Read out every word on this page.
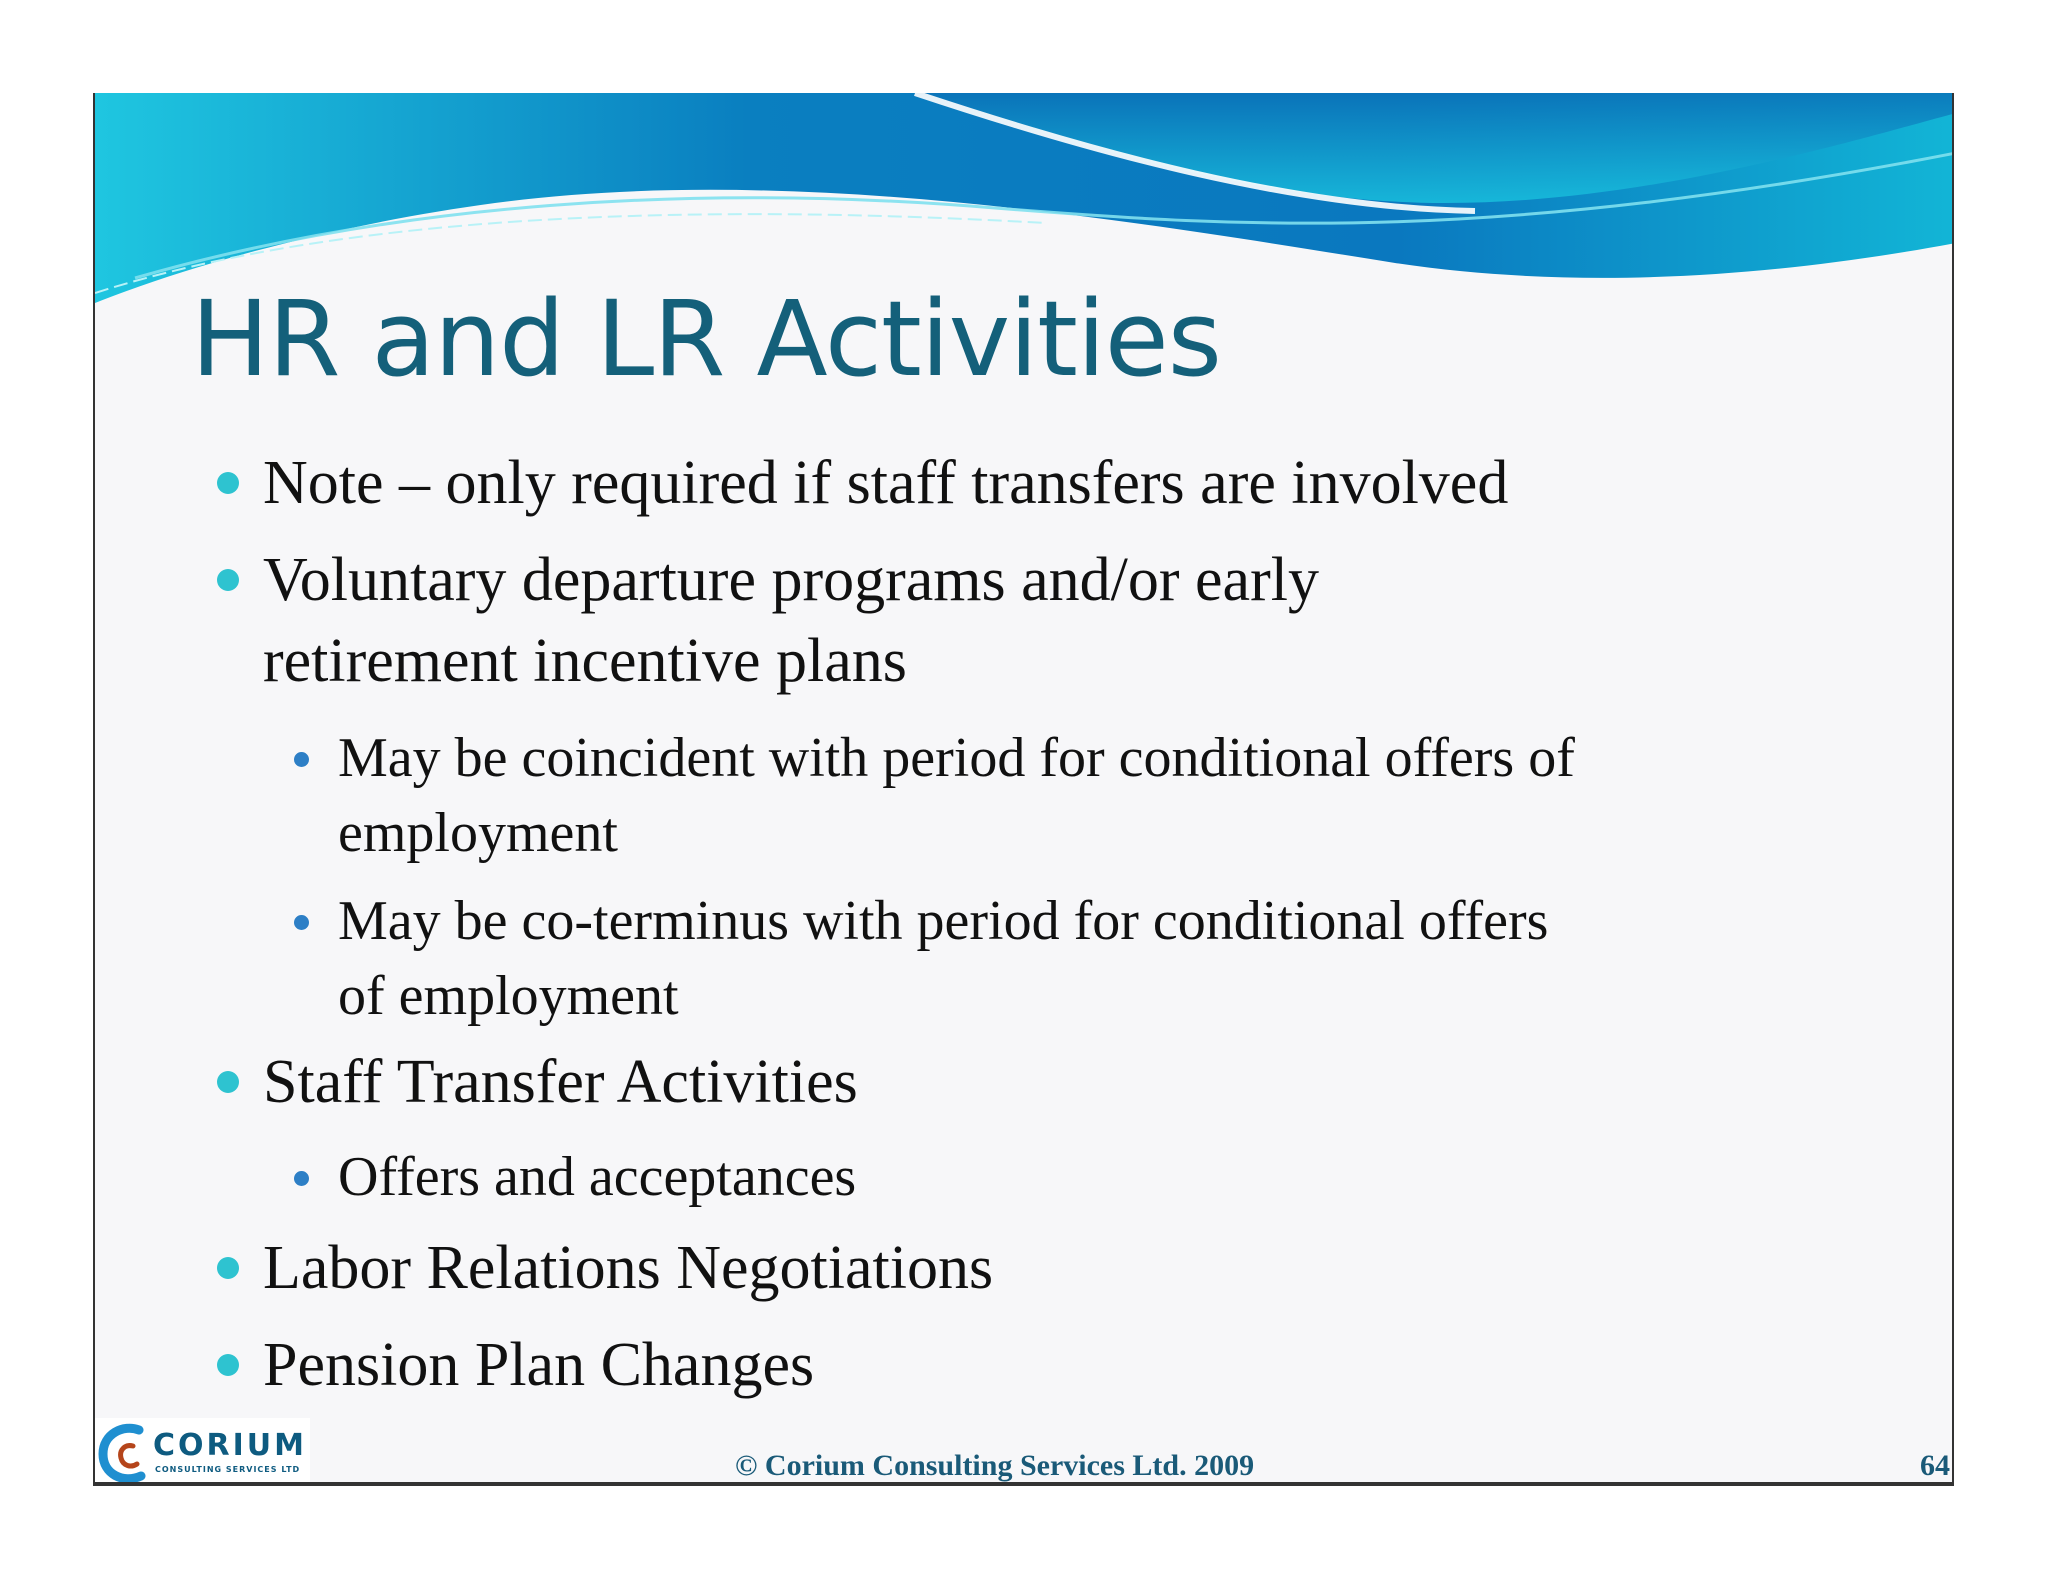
HR and LR Activities
Note – only required if staff transfers are involved
Voluntary departure programs and/or early
retirement incentive plans
May be coincident with period for conditional offers of
employment
May be co-terminus with period for conditional offers
of employment
Staff Transfer Activities
Offers and acceptances
Labor Relations Negotiations
Pension Plan Changes
CORIUM
CONSULTING SERVICES LTD	© Corium Consulting Services Ltd. 2009	64
